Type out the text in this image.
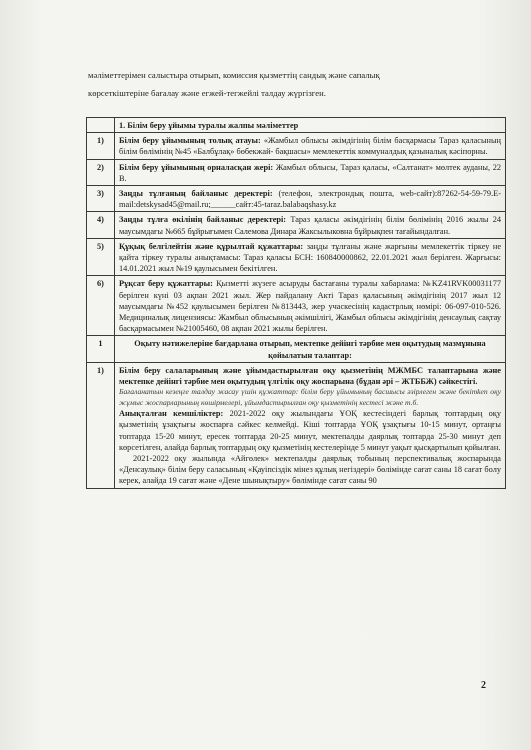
мәліметтерімен салыстыра отырып, комиссия қызметтің сандық және сапалық

көрсеткіштеріне бағалау және егжей-тегжейлі талдау жүргізген.

	1. Білім беру ұйымы туралы жалпы мәліметтер
1)	Білім беру ұйымының толық атауы: «Жамбыл облысы әкімдігінің білім басқармасы Тараз қаласының білім бөлімінің №45 «Балбұлақ» бөбекжай- бақшасы» мемлекеттік коммуналдық қазыналық кәсіпорны.
2)	Білім беру ұйымының орналасқан жері: Жамбыл облысы, Тараз қаласы, «Салтанат» мөлтек ауданы, 22 В.
3)	Заңды тұлғаның байланыс деректері: (телефон, электрондық пошта, web-сайт):87262-54-59-79.E-mail:detskysad45@mail.ru;______сайт:45-taraz.balabaqshasy.kz
4)	Заңды тұлға өкілінің байланыс деректері: Тараз қаласы әкімдігінің білім бөлімінің 2016 жылы 24 маусымдағы №665 бұйрығымен Салемова Динара Жаксылыковна бұйрықпен тағайындалған.
5)	Құқық белгілейтін және құрылтай құжаттары: заңды тұлғаны және жарғыны мемлекеттік тіркеу не қайта тіркеу туралы анықтамасы: Тараз қаласы БСН: 160840000862, 22.01.2021 жыл берілген. Жарғысы: 14.01.2021 жыл №19 қаулысымен бекітілген.
6)	Рұқсат беру құжаттары: Қызметті жүзеге асыруды бастағаны туралы хабарлама: №KZ41RVK00031177 берілген күні 03 ақпан 2021 жыл. Жер пайдалану Акті Тараз қаласының әкімдігінің 2017 жыл 12 маусымдағы №452 қаулысымен берілген №813443, жер учаскесінің кадастрлық нөмірі: 06-097-010-526. Медициналық лицензиясы: Жамбыл облысының әкімшілігі, Жамбыл облысы әкімдігінің денсаулық сақтау басқармасымен №21005460, 08 ақпан 2021 жылы берілген.
1	Оқыту нәтижелеріне бағдарлана отырып, мектепке дейінгі тәрбие мен оқытудың мазмұнына қойылатын талаптар:
1)	Білім беру салаларының және ұйымдастырылған оқу қызметінің МЖМБС талаптарына және мектепке дейінгі тәрбие мен оқытудың үлгілік оқу жоспарына (бұдан әрі – ЖТББЖ) сәйкестігі.

Бағаланатын кезеңге талдау жасау үшін құжаттар: білім беру ұйымының басшысы әзірлеген және бекітken оқу жұмыс жоспарларының көшірмелері, ұйымдастырылған оқу қызметінің кестесі және т.б.

Анықталған кемшіліктер: 2021-2022 оқу жылындағы ҰОҚ кестесіндегі барлық топтардың оқу қызметінің ұзақтығы жоспарға сәйкес келмейді. Кіші топтарда ҰОҚ ұзақтығы 10-15 минут, ортаңғы топтарда 15-20 минут, ересек топтарда 20-25 минут, мектепалды даярлық топтарда 25-30 минут деп көрсетілген, алайда барлық топтардың оқу қызметінің кестелерінде 5 минут уақыт қысқартылып қойылған.

2021-2022 оқу жылында «Айгөлек» мектепалды даярлық тобының перспективалық жоспарында «Денсаулық» білім беру саласының «Қауіпсіздік мінез құлық негіздері» бөлімінде сағат саны 18 сағат болу керек, алайда 19 сағат және «Дене шынықтыру» бөлімінде сағат саны 90

2
